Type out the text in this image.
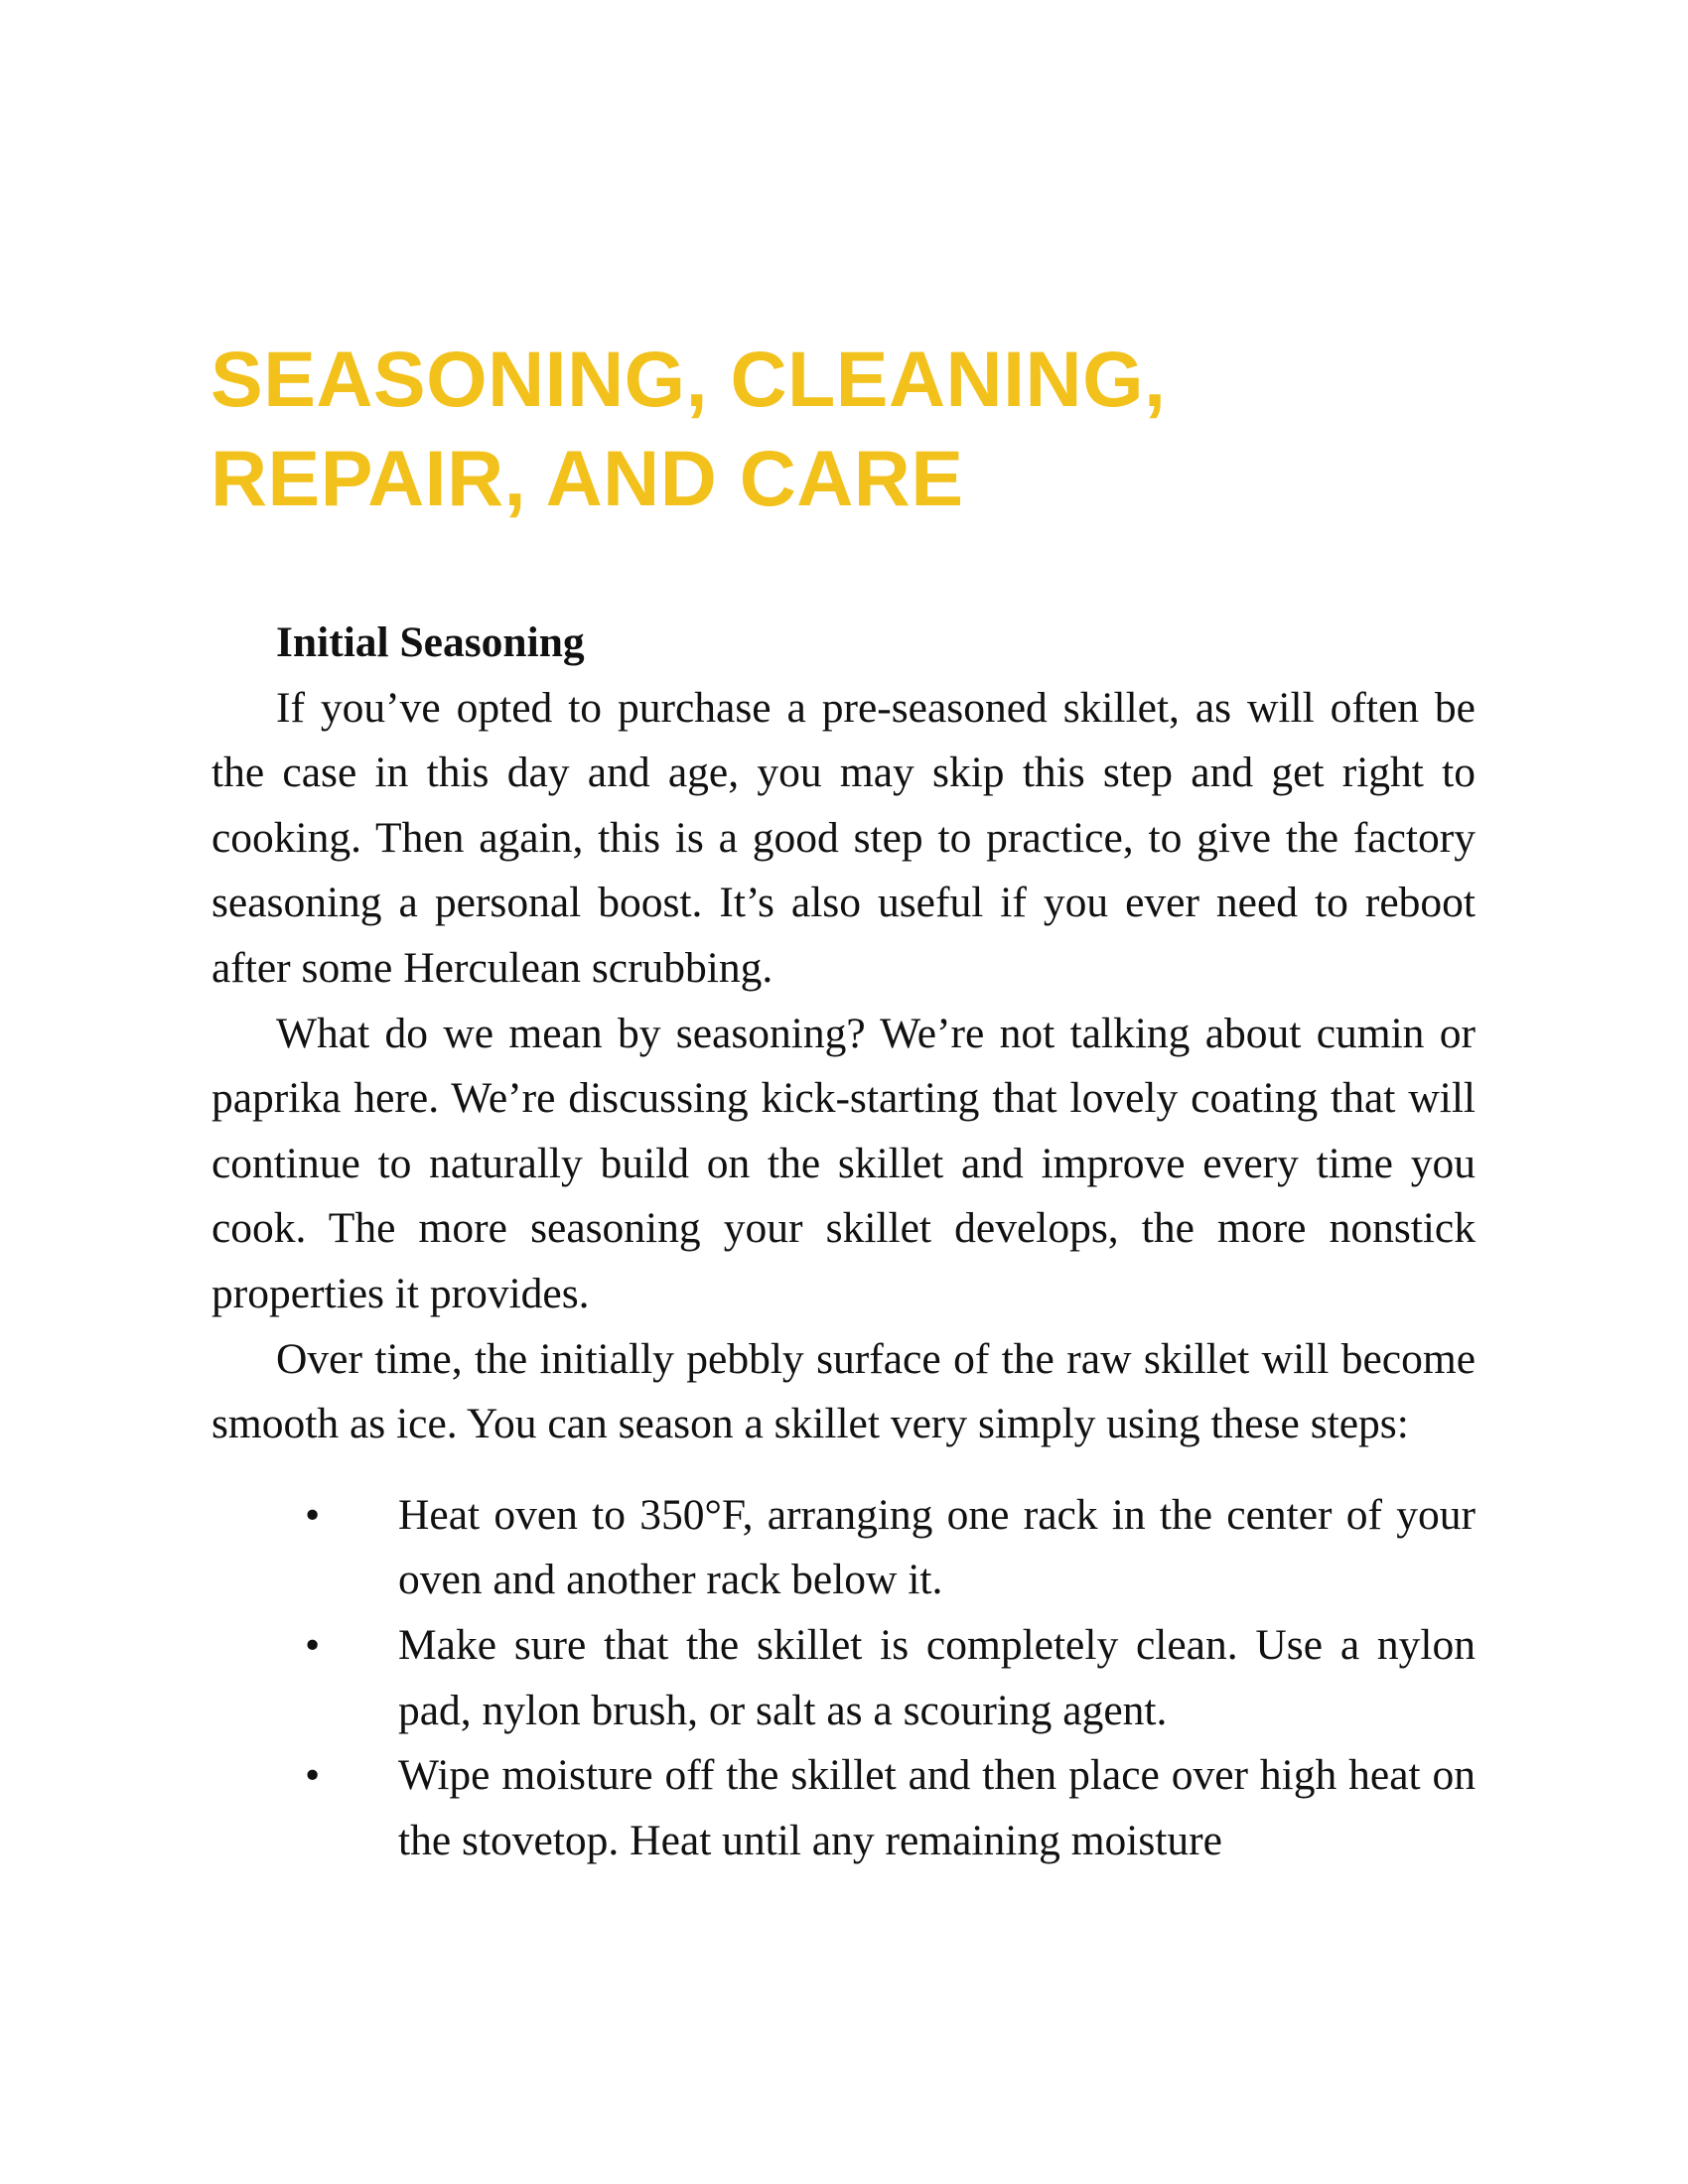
SEASONING, CLEANING,
REPAIR, AND CARE
Initial Seasoning

If you’ve opted to purchase a pre-seasoned skillet, as will often be the case in this day and age, you may skip this step and get right to cooking. Then again, this is a good step to practice, to give the factory seasoning a personal boost. It’s also useful if you ever need to reboot after some Herculean scrubbing.

What do we mean by seasoning? We’re not talking about cumin or paprika here. We’re discussing kick-starting that lovely coating that will continue to naturally build on the skillet and improve every time you cook. The more seasoning your skillet develops, the more nonstick properties it provides.

Over time, the initially pebbly surface of the raw skillet will become smooth as ice. You can season a skillet very simply using these steps:

• Heat oven to 350°F, arranging one rack in the center of your oven and another rack below it.
• Make sure that the skillet is completely clean. Use a nylon pad, nylon brush, or salt as a scouring agent.
• Wipe moisture off the skillet and then place over high heat on the stovetop. Heat until any remaining moisture
